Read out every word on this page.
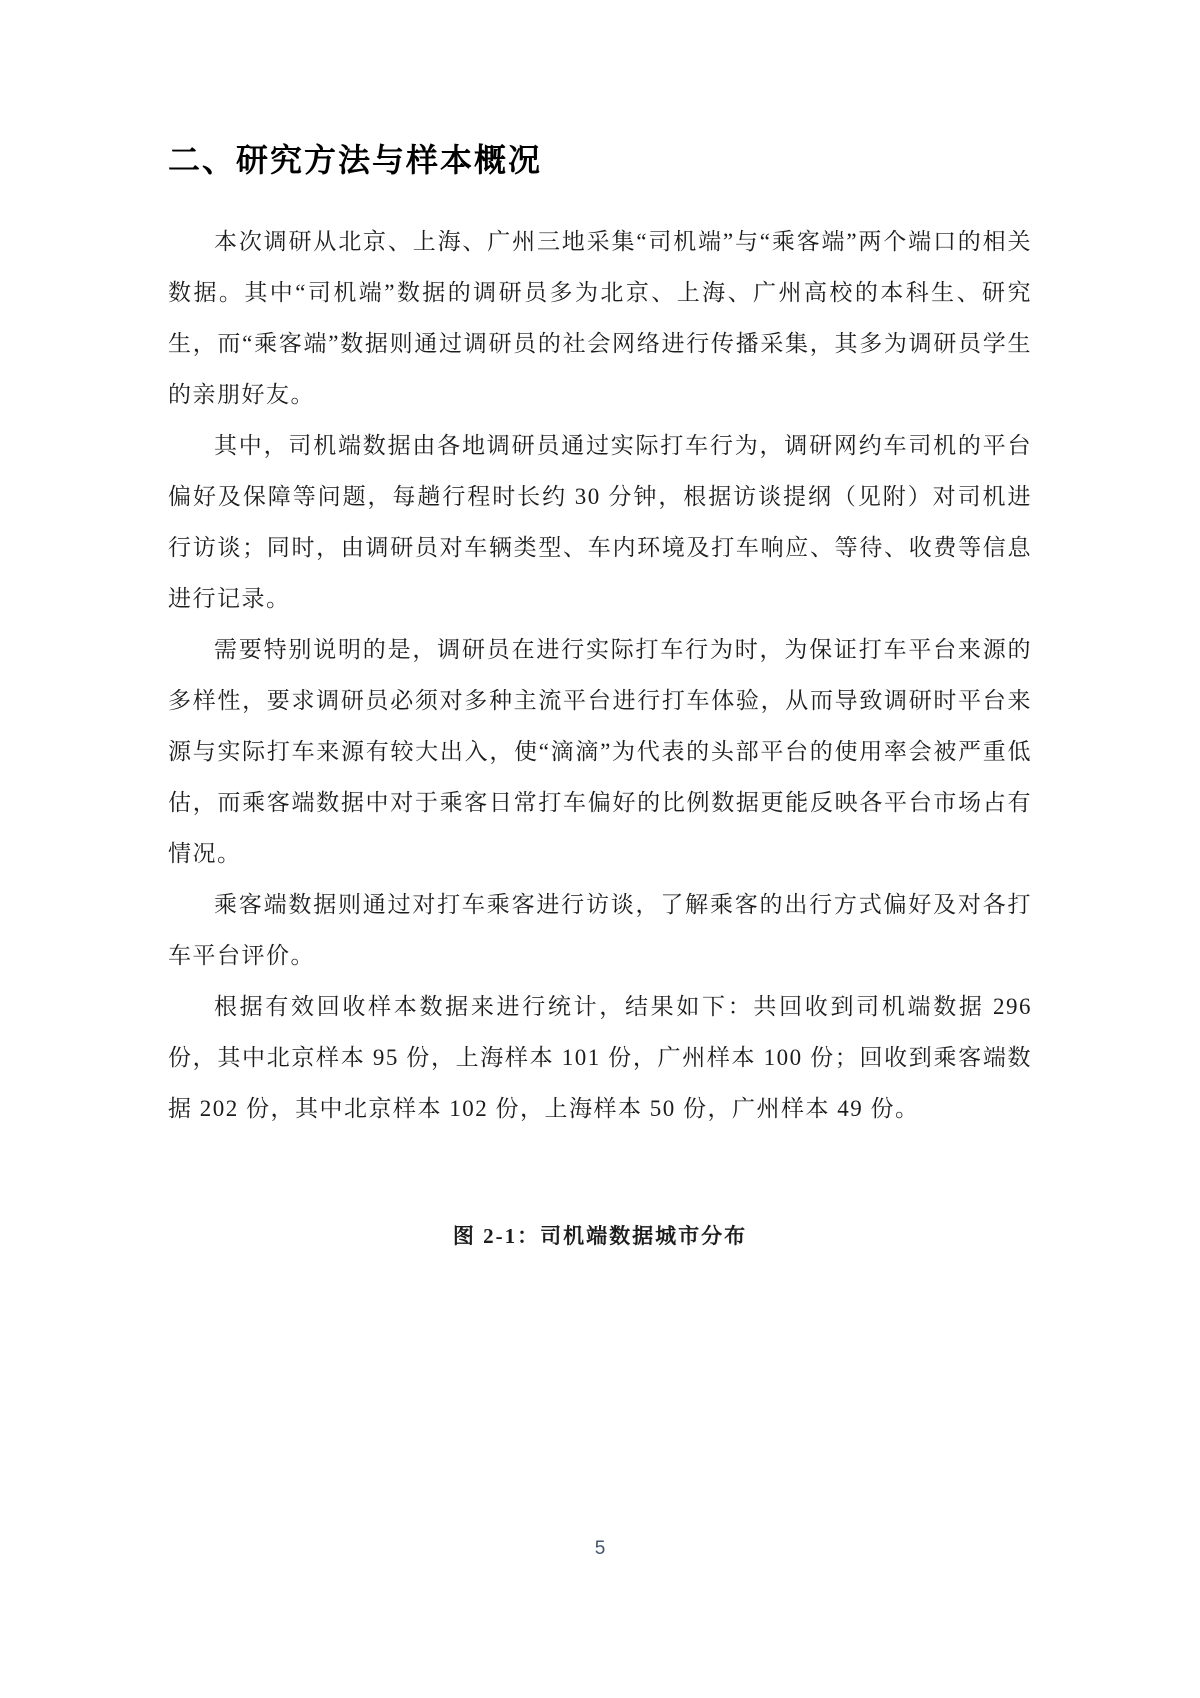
二、研究方法与样本概况

本次调研从北京、上海、广州三地采集“司机端”与“乘客端”两个端口的相关数据。其中“司机端”数据的调研员多为北京、上海、广州高校的本科生、研究生，而“乘客端”数据则通过调研员的社会网络进行传播采集，其多为调研员学生的亲朋好友。

其中，司机端数据由各地调研员通过实际打车行为，调研网约车司机的平台偏好及保障等问题，每趟行程时长约 30 分钟，根据访谈提纲（见附）对司机进行访谈；同时，由调研员对车辆类型、车内环境及打车响应、等待、收费等信息进行记录。

需要特别说明的是，调研员在进行实际打车行为时，为保证打车平台来源的多样性，要求调研员必须对多种主流平台进行打车体验，从而导致调研时平台来源与实际打车来源有较大出入，使“滴滴”为代表的头部平台的使用率会被严重低估，而乘客端数据中对于乘客日常打车偏好的比例数据更能反映各平台市场占有情况。

乘客端数据则通过对打车乘客进行访谈，了解乘客的出行方式偏好及对各打车平台评价。

根据有效回收样本数据来进行统计，结果如下：共回收到司机端数据 296 份，其中北京样本 95 份，上海样本 101 份，广州样本 100 份；回收到乘客端数据 202 份，其中北京样本 102 份，上海样本 50 份，广州样本 49 份。

图 2-1：司机端数据城市分布
5
